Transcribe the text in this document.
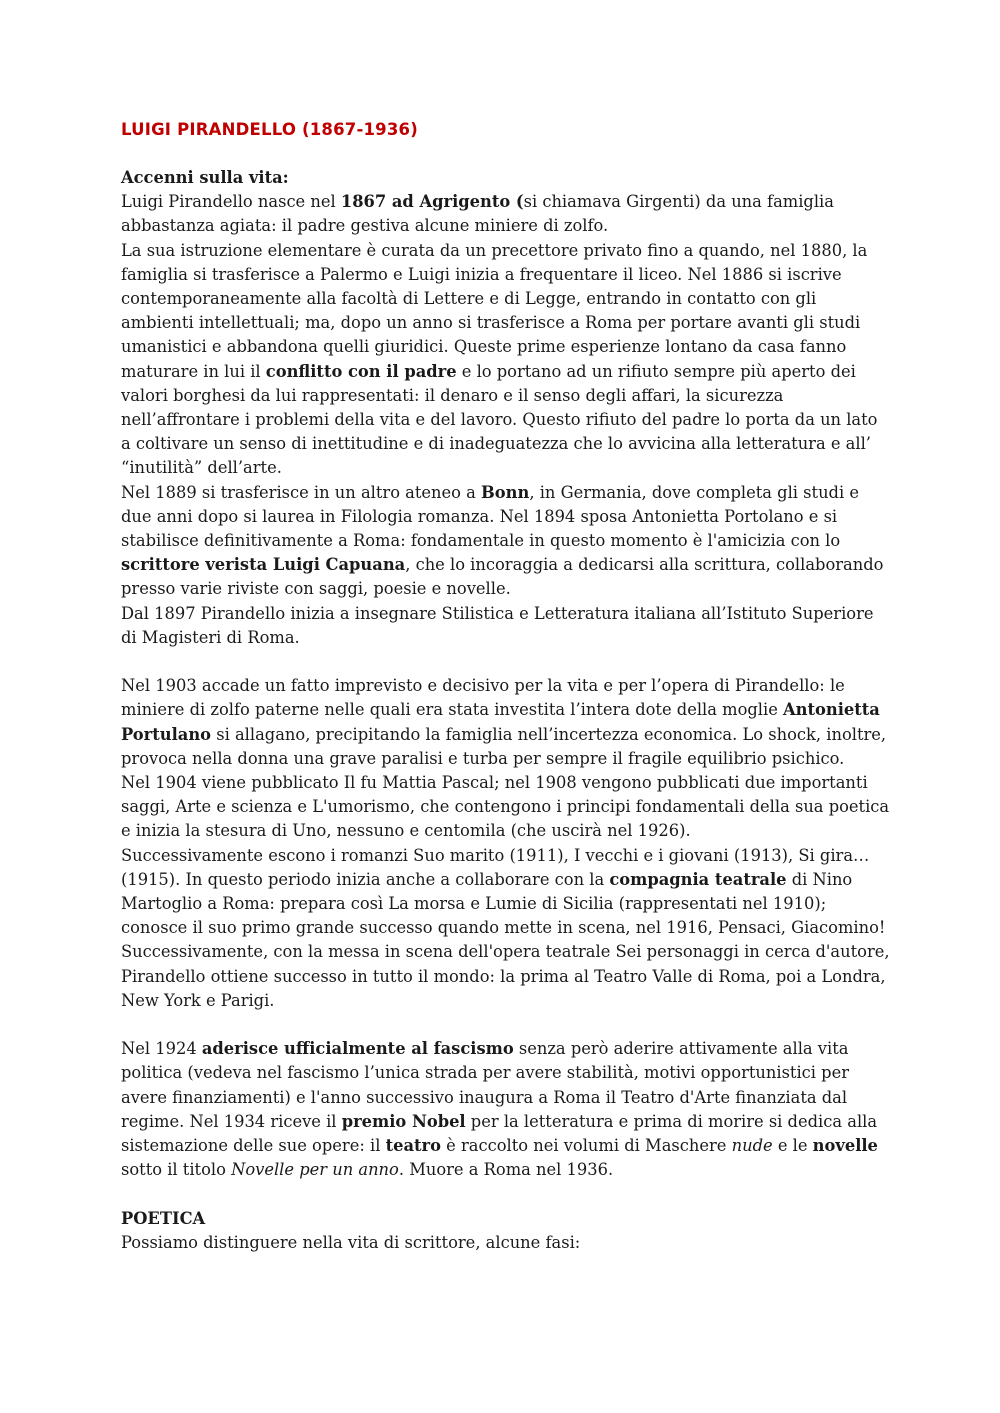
LUIGI PIRANDELLO (1867-1936)

Accenni sulla vita:

Luigi Pirandello nasce nel 1867 ad Agrigento (si chiamava Girgenti) da una famiglia abbastanza agiata: il padre gestiva alcune miniere di zolfo.

La sua istruzione elementare è curata da un precettore privato fino a quando, nel 1880, la famiglia si trasferisce a Palermo e Luigi inizia a frequentare il liceo. Nel 1886 si iscrive contemporaneamente alla facoltà di Lettere e di Legge, entrando in contatto con gli ambienti intellettuali; ma, dopo un anno si trasferisce a Roma per portare avanti gli studi umanistici e abbandona quelli giuridici. Queste prime esperienze lontano da casa fanno maturare in lui il conflitto con il padre e lo portano ad un rifiuto sempre più aperto dei valori borghesi da lui rappresentati: il denaro e il senso degli affari, la sicurezza nell’affrontare i problemi della vita e del lavoro. Questo rifiuto del padre lo porta da un lato a coltivare un senso di inettitudine e di inadeguatezza che lo avvicina alla letteratura e all’ “inutilità” dell’arte.

Nel 1889 si trasferisce in un altro ateneo a Bonn, in Germania, dove completa gli studi e due anni dopo si laurea in Filologia romanza. Nel 1894 sposa Antonietta Portolano e si stabilisce definitivamente a Roma: fondamentale in questo momento è l'amicizia con lo scrittore verista Luigi Capuana, che lo incoraggia a dedicarsi alla scrittura, collaborando presso varie riviste con saggi, poesie e novelle.

Dal 1897 Pirandello inizia a insegnare Stilistica e Letteratura italiana all’Istituto Superiore di Magisteri di Roma.

Nel 1903 accade un fatto imprevisto e decisivo per la vita e per l’opera di Pirandello: le miniere di zolfo paterne nelle quali era stata investita l’intera dote della moglie Antonietta Portulano si allagano, precipitando la famiglia nell’incertezza economica. Lo shock, inoltre, provoca nella donna una grave paralisi e turba per sempre il fragile equilibrio psichico.

Nel 1904 viene pubblicato Il fu Mattia Pascal; nel 1908 vengono pubblicati due importanti saggi, Arte e scienza e L'umorismo, che contengono i principi fondamentali della sua poetica e inizia la stesura di Uno, nessuno e centomila (che uscirà nel 1926).

Successivamente escono i romanzi Suo marito (1911), I vecchi e i giovani (1913), Si gira… (1915). In questo periodo inizia anche a collaborare con la compagnia teatrale di Nino Martoglio a Roma: prepara così La morsa e Lumie di Sicilia (rappresentati nel 1910); conosce il suo primo grande successo quando mette in scena, nel 1916, Pensaci, Giacomino!

Successivamente, con la messa in scena dell'opera teatrale Sei personaggi in cerca d'autore, Pirandello ottiene successo in tutto il mondo: la prima al Teatro Valle di Roma, poi a Londra, New York e Parigi.

Nel 1924 aderisce ufficialmente al fascismo senza però aderire attivamente alla vita politica (vedeva nel fascismo l’unica strada per avere stabilità, motivi opportunistici per avere finanziamenti) e l'anno successivo inaugura a Roma il Teatro d'Arte finanziata dal regime. Nel 1934 riceve il premio Nobel per la letteratura e prima di morire si dedica alla sistemazione delle sue opere: il teatro è raccolto nei volumi di Maschere nude e le novelle sotto il titolo Novelle per un anno. Muore a Roma nel 1936.

POETICA

Possiamo distinguere nella vita di scrittore, alcune fasi:
